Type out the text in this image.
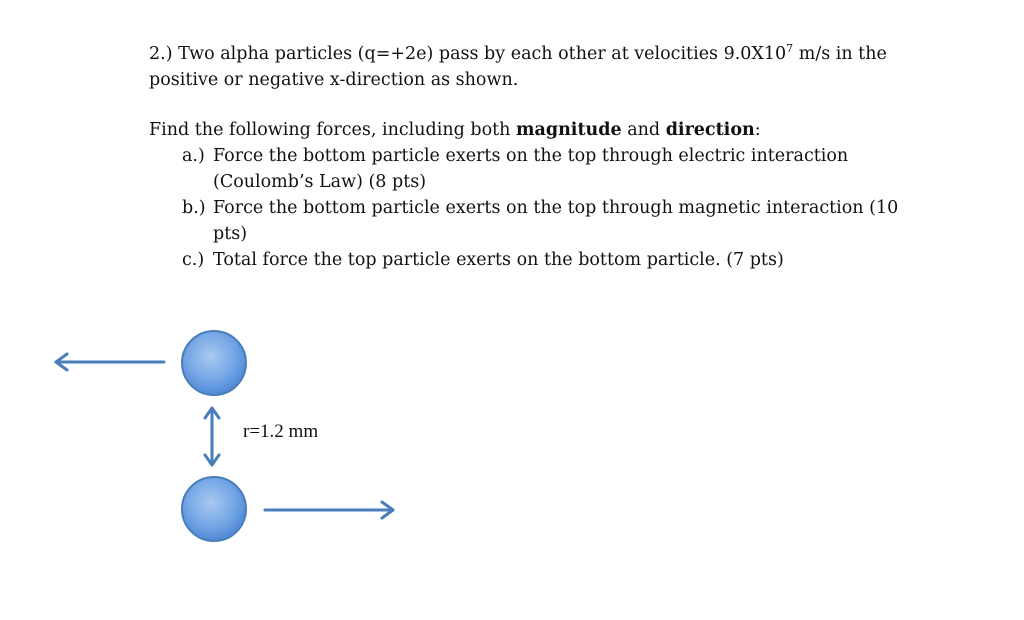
2.) Two alpha particles (q=+2e) pass by each other at velocities $9.0X10^7$ m/s in the
positive or negative x-direction as shown.

Find the following forces, including both magnitude and direction:

a.) Force the bottom particle exerts on the top through electric interaction
(Coulomb’s Law) (8 pts)
b.) Force the bottom particle exerts on the top through magnetic interaction (10
pts)
c.) Total force the top particle exerts on the bottom particle. (7 pts)
r=1.2 mm
